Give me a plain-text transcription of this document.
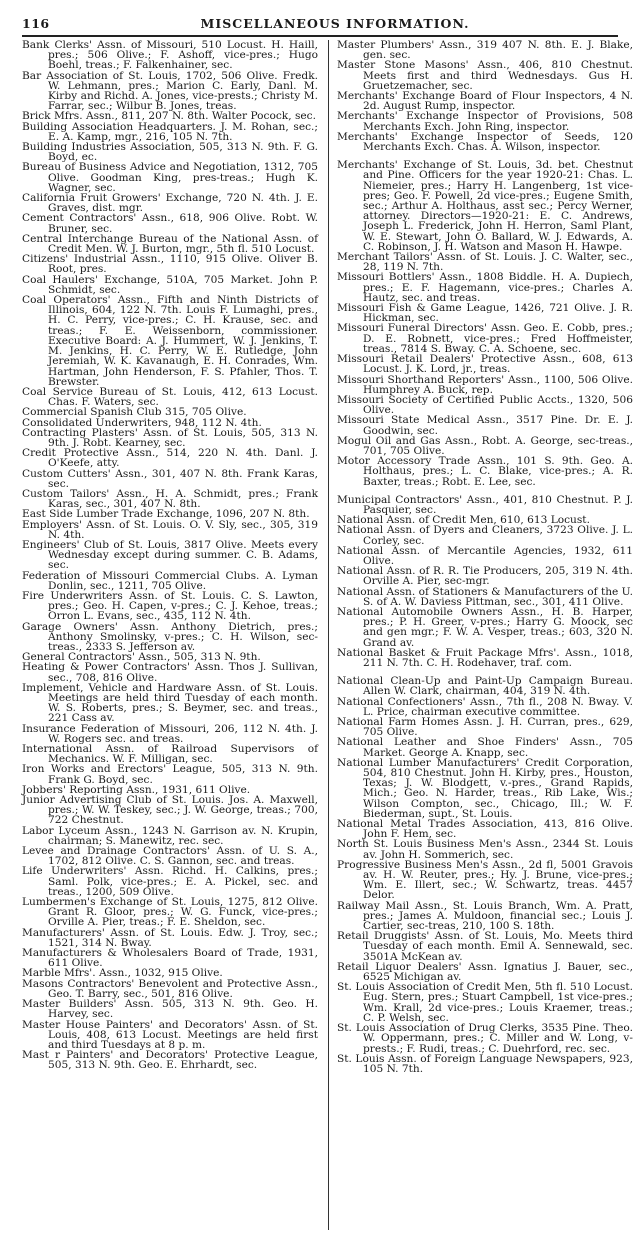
116	MISCELLANEOUS INFORMATION.

Bank Clerks' Assn. of Missouri, 510 Locust. H. Haill, pres.; 506 Olive.; F. Ashoff, vice-pres.; Hugo Boehl, treas.; F. Falkenhainer, sec.

Bar Association of St. Louis, 1702, 506 Olive. Fredk. W. Lehmann, pres.; Marion C. Early, Danl. M. Kirby and Richd. A. Jones, vice-prests.; Christy M. Farrar, sec.; Wilbur B. Jones, treas.

Brick Mfrs. Assn., 811, 207 N. 8th. Walter Pocock, sec.

Building Association Headquarters. J. M. Rohan, sec.; E. A. Kamp, mgr., 216, 105 N. 7th.

Building Industries Association, 505, 313 N. 9th. F. G. Boyd, ec.

Bureau of Business Advice and Negotiation, 1312, 705 Olive. Goodman King, pres-treas.; Hugh K. Wagner, sec.

California Fruit Growers' Exchange, 720 N. 4th. J. E. Graves, dist. mgr.

Cement Contractors' Assn., 618, 906 Olive. Robt. W. Bruner, sec.

Central Interchange Bureau of the National Assn. of Credit Men. W. J. Burton, mgr., 5th fl. 510 Locust.

Citizens' Industrial Assn., 1110, 915 Olive. Oliver B. Root, pres.

Coal Haulers' Exchange, 510A, 705 Market. John P. Schmidt, sec.

Coal Operators' Assn., Fifth and Ninth Districts of Illinois, 604, 122 N. 7th. Louis F. Lumaghi, pres., H. C. Perry, vice-pres.; C. H. Krause, sec. and treas.; F. E. Weissenborn, commissioner. Executive Board: A. J. Hummert, W. J. Jenkins, T. M. Jenkins, H. C. Perry, W. E. Rutledge, John Jeremiah, W. K. Kavanaugh, E. H. Conrades, Wm. Hartman, John Henderson, F. S. Pfahler, Thos. T. Brewster.

Coal Service Bureau of St. Louis, 412, 613 Locust. Chas. F. Waters, sec.

Commercial Spanish Club 315, 705 Olive.

Consolidated Underwriters, 948, 112 N. 4th.

Contracting Plasters' Assn. of St. Louis, 505, 313 N. 9th. J. Robt. Kearney, sec.

Credit Protective Assn., 514, 220 N. 4th. Danl. J. O'Keefe, atty.

Custom Cutters' Assn., 301, 407 N. 8th. Frank Karas, sec.

Custom Tailors' Assn., H. A. Schmidt, pres.; Frank Karas, sec., 301, 407 N. 8th.

East Side Lumber Trade Exchange, 1096, 207 N. 8th.

Employers' Assn. of St. Louis. O. V. Sly, sec., 305, 319 N. 4th.

Engineers' Club of St. Louis, 3817 Olive. Meets every Wednesday except during summer. C. B. Adams, sec.

Federation of Missouri Commercial Clubs. A. Lyman Donlin, sec., 1211, 705 Olive.

Fire Underwriters Assn. of St. Louis. C. S. Lawton, pres.; Geo. H. Capen, v-pres.; C. J. Kehoe, treas.; Orron L. Evans, sec., 435, 112 N. 4th.

Garage Owners' Assn. Anthony Dietrich, pres.; Anthony Smolinsky, v-pres.; C. H. Wilson, sec-treas., 2333 S. Jefferson av.

General Contractors' Assn., 505, 313 N. 9th.

Heating & Power Contractors' Assn. Thos J. Sullivan, sec., 708, 816 Olive.

Implement, Vehicle and Hardware Assn. of St. Louis. Meetings are held third Tuesday of each month. W. S. Roberts, pres.; S. Beymer, sec. and treas., 221 Cass av.

Insurance Federation of Missouri, 206, 112 N. 4th. J. W. Rogers sec. and treas.

International Assn. of Railroad Supervisors of Mechanics. W. F. Milligan, sec.

Iron Works and Erectors' League, 505, 313 N. 9th. Frank G. Boyd, sec.

Jobbers' Reporting Assn., 1931, 611 Olive.

Junior Advertising Club of St. Louis. Jos. A. Maxwell, pres.; W. W. Teskey, sec.; J. W. George, treas.; 700, 722 Chestnut.

Labor Lyceum Assn., 1243 N. Garrison av. N. Krupin, chairman; S. Manewitz, rec. sec.

Levee and Drainage Contractors' Assn. of U. S. A., 1702, 812 Olive. C. S. Gannon, sec. and treas.

Life Underwriters' Assn. Richd. H. Calkins, pres.; Saml. Polk, vice-pres.; E. A. Pickel, sec. and treas., 1200, 509 Olive.

Lumbermen's Exchange of St. Louis, 1275, 812 Olive. Grant R. Gloor, pres.; W. G. Funck, vice-pres.; Orville A. Pier, treas.; F. E. Sheldon, sec.

Manufacturers' Assn. of St. Louis. Edw. J. Troy, sec.; 1521, 314 N. Bway.

Manufacturers & Wholesalers Board of Trade, 1931, 611 Olive.

Marble Mfrs'. Assn., 1032, 915 Olive.

Masons Contractors' Benevolent and Protective Assn., Geo. T. Barry, sec., 501, 816 Olive.

Master Builders' Assn. 505, 313 N. 9th. Geo. H. Harvey, sec.

Master House Painters' and Decorators' Assn. of St. Louis, 408, 613 Locust. Meetings are held first and third Tuesdays at 8 p. m.

Mast r Painters' and Decorators' Protective League, 505, 313 N. 9th. Geo. E. Ehrhardt, sec.

Master Plumbers' Assn., 319 407 N. 8th. E. J. Blake, gen. sec.

Master Stone Masons' Assn., 406, 810 Chestnut. Meets first and third Wednesdays. Gus H. Gruetzemacher, sec.

Merchants' Exchange Board of Flour Inspectors, 4 N. 2d. August Rump, inspector.

Merchants' Exchange Inspector of Provisions, 508 Merchants Exch. John Ring, inspector.

Merchants' Exchange Inspector of Seeds, 120 Merchants Exch. Chas. A. Wilson, inspector.

Merchants' Exchange of St. Louis, 3d. bet. Chestnut and Pine. Officers for the year 1920-21: Chas. L. Niemeier, pres.; Harry H. Langenberg, 1st vice-pres; Geo. F. Powell, 2d vice-pres.; Eugene Smith, sec.; Arthur A. Holthaus, asst sec.; Percy Werner, attorney. Directors—1920-21: E. C. Andrews, Joseph L. Frederick, John H. Herron, Saml Plant, W. E. Stewart, John O. Ballard, W. J. Edwards, A. C. Robinson, J. H. Watson and Mason H. Hawpe.

Merchant Tailors' Assn. of St. Louis. J. C. Walter, sec., 28, 119 N. 7th.

Missouri Bottlers' Assn., 1808 Biddle. H. A. Dupiech, pres.; E. F. Hagemann, vice-pres.; Charles A. Hautz, sec. and treas.

Missouri Fish & Game League, 1426, 721 Olive. J. R. Hickman, sec.

Missouri Funeral Directors' Assn. Geo. E. Cobb, pres.; D. E. Robnett, vice-pres.; Fred Hoffmeister, treas., 7814 S. Bway. C. A. Schoene, sec.

Missouri Retail Dealers' Protective Assn., 608, 613 Locust. J. K. Lord, jr., treas.

Missouri Shorthand Reporters' Assn., 1100, 506 Olive. Humphrey A. Buck, rep.

Missouri Society of Certified Public Accts., 1320, 506 Olive.

Missouri State Medical Assn., 3517 Pine. Dr. E. J. Goodwin, sec.

Mogul Oil and Gas Assn., Robt. A. George, sec-treas., 701, 705 Olive.

Motor Accessory Trade Assn., 101 S. 9th. Geo. A. Holthaus, pres.; L. C. Blake, vice-pres.; A. R. Baxter, treas.; Robt. E. Lee, sec.

Municipal Contractors' Assn., 401, 810 Chestnut. P. J. Pasquier, sec.

National Assn. of Credit Men, 610, 613 Locust.

National Assn. of Dyers and Cleaners, 3723 Olive. J. L. Corley, sec.

National Assn. of Mercantile Agencies, 1932, 611 Olive.

National Assn. of R. R. Tie Producers, 205, 319 N. 4th. Orville A. Pier, sec-mgr.

National Assn. of Stationers & Manufacturers of the U. S. of A. W. Daviess Pittman, sec., 301, 411 Olive.

National Automobile Owners Assn., H. B. Harper, pres.; P. H. Greer, v-pres.; Harry G. Moock, sec and gen mgr.; F. W. A. Vesper, treas.; 603, 320 N. Grand av.

National Basket & Fruit Package Mfrs'. Assn., 1018, 211 N. 7th. C. H. Rodehaver, traf. com.

National Clean-Up and Paint-Up Campaign Bureau. Allen W. Clark, chairman, 404, 319 N. 4th.

National Confectioners' Assn., 7th fl., 208 N. Bway. V. L. Price, chairman executive committee.

National Farm Homes Assn. J. H. Curran, pres., 629, 705 Olive.

National Leather and Shoe Finders' Assn., 705 Market. George A. Knapp, sec.

National Lumber Manufacturers' Credit Corporation, 504, 810 Chestnut. John H. Kirby, pres., Houston, Texas; J. W. Blodgett, v.-pres., Grand Rapids, Mich.; Geo. N. Harder, treas., Rib Lake, Wis.; Wilson Compton, sec., Chicago, Ill.; W. F. Biederman, supt., St. Louis.

National Metal Trades Association, 413, 816 Olive. John F. Hem, sec.

North St. Louis Business Men's Assn., 2344 St. Louis av. John H. Sommerich, sec.

Progressive Business Men's Assn., 2d fl, 5001 Gravois av. H. W. Reuter, pres.; Hy. J. Brune, vice-pres.; Wm. E. Illert, sec.; W. Schwartz, treas. 4457 Delor.

Railway Mail Assn., St. Louis Branch, Wm. A. Pratt, pres.; James A. Muldoon, financial sec.; Louis J. Cartier, sec-treas, 210, 100 S. 18th.

Retail Druggists' Assn. of St. Louis, Mo. Meets third Tuesday of each month. Emil A. Sennewald, sec. 3501A McKean av.

Retail Liquor Dealers' Assn. Ignatius J. Bauer, sec., 6525 Michigan av.

St. Louis Association of Credit Men, 5th fl. 510 Locust. Eug. Stern, pres.; Stuart Campbell, 1st vice-pres.; Wm. Krall, 2d vice-pres.; Louis Kraemer, treas.; C. P. Welsh, sec.

St. Louis Association of Drug Clerks, 3535 Pine. Theo. W. Oppermann, pres.; C. Miller and W. Long, v-prests.; F. Rudi, treas.; C. Duehrford, rec. sec.

St. Louis Assn. of Foreign Language Newspapers, 923, 105 N. 7th.
